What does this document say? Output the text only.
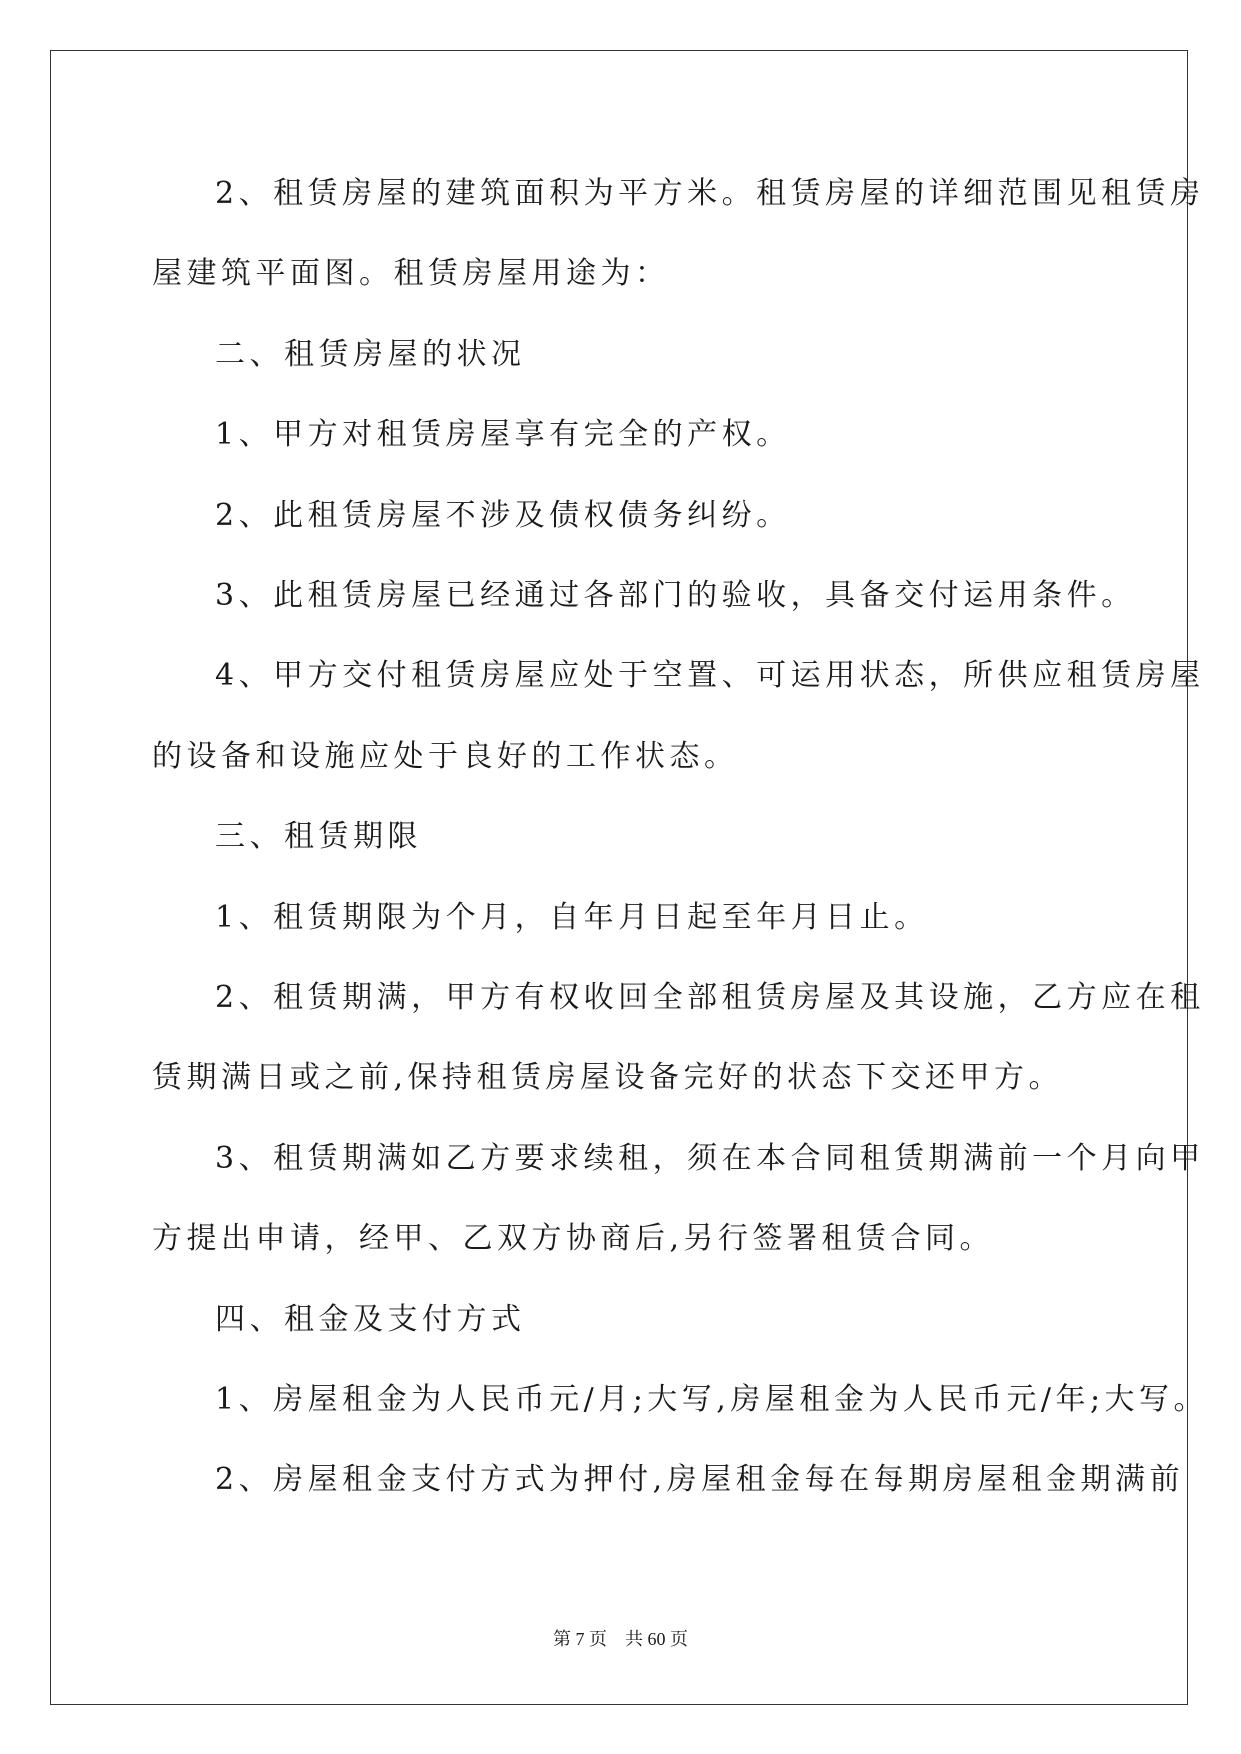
2、租赁房屋的建筑面积为平方米。租赁房屋的详细范围见租赁房
屋建筑平面图。租赁房屋用途为：
二、租赁房屋的状况
1、甲方对租赁房屋享有完全的产权。
2、此租赁房屋不涉及债权债务纠纷。
3、此租赁房屋已经通过各部门的验收，具备交付运用条件。
4、甲方交付租赁房屋应处于空置、可运用状态，所供应租赁房屋
的设备和设施应处于良好的工作状态。
三、租赁期限
1、租赁期限为个月，自年月日起至年月日止。
2、租赁期满，甲方有权收回全部租赁房屋及其设施，乙方应在租
赁期满日或之前,保持租赁房屋设备完好的状态下交还甲方。
3、租赁期满如乙方要求续租，须在本合同租赁期满前一个月向甲
方提出申请，经甲、乙双方协商后,另行签署租赁合同。
四、租金及支付方式
1、房屋租金为人民币元/月;大写,房屋租金为人民币元/年;大写。
2、房屋租金支付方式为押付,房屋租金每在每期房屋租金期满前
第 7 页 共 60 页
